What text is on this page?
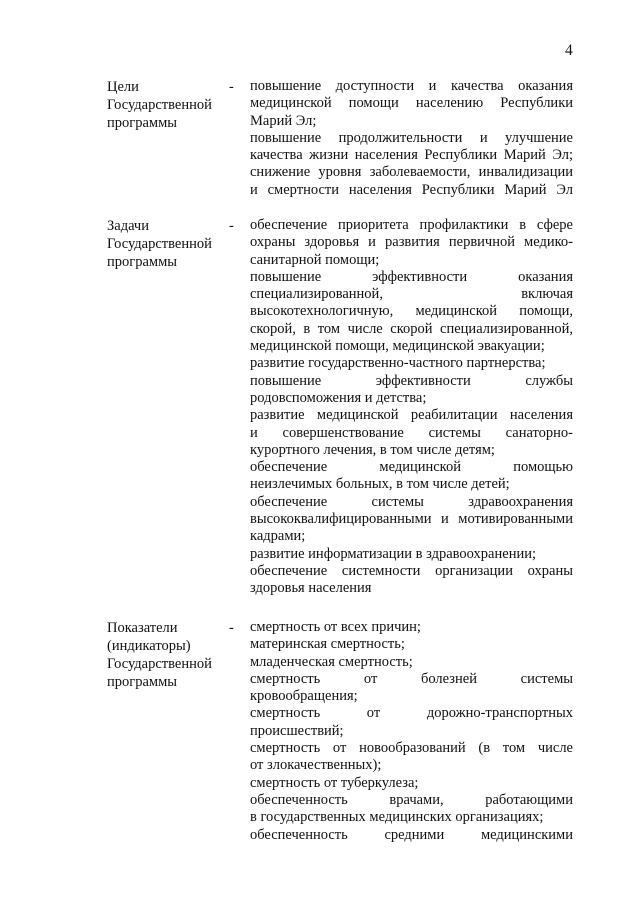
4
Цели
Государственной
программы
- повышение доступности и качества оказания
медицинской помощи населению Республики
Марий Эл;
повышение продолжительности и улучшение
качества жизни населения Республики Марий Эл;
снижение уровня заболеваемости, инвалидизации
и смертности населения Республики Марий Эл
Задачи
Государственной
программы
- обеспечение приоритета профилактики в сфере
охраны здоровья и развития первичной медико-
санитарной помощи;
повышение эффективности оказания
специализированной, включая
высокотехнологичную, медицинской помощи,
скорой, в том числе скорой специализированной,
медицинской помощи, медицинской эвакуации;
развитие государственно-частного партнерства;
повышение эффективности службы
родовспоможения и детства;
развитие медицинской реабилитации населения
и совершенствование системы санаторно-
курортного лечения, в том числе детям;
обеспечение медицинской помощью
неизлечимых больных, в том числе детей;
обеспечение системы здравоохранения
высококвалифицированными и мотивированными
кадрами;
развитие информатизации в здравоохранении;
обеспечение системности организации охраны
здоровья населения
Показатели
(индикаторы)
Государственной
программы
- смертность от всех причин;
материнская смертность;
младенческая смертность;
смертность от болезней системы
кровообращения;
смертность от дорожно-транспортных
происшествий;
смертность от новообразований (в том числе
от злокачественных);
смертность от туберкулеза;
обеспеченность врачами, работающими
в государственных медицинских организациях;
обеспеченность средними медицинскими
